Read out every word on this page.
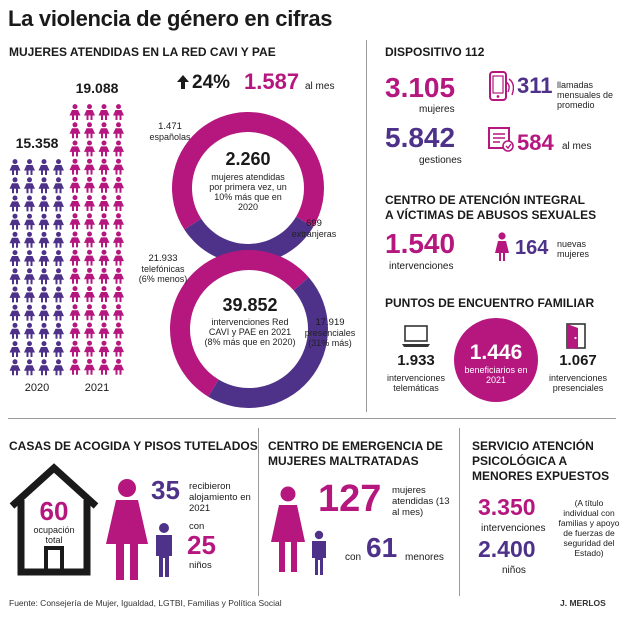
La violencia de género en cifras
MUJERES ATENDIDAS EN LA RED CAVI Y PAE
15.358
19.088
2020	2021
24% 1.587 al mes
2.260
mujeres atendidas por primera vez, un 10% más que en 2020
1.471
españolas
699
extranjeras
39.852
intervenciones Red CAVI y PAE en 2021 (8% más que en 2020)
21.933
telefónicas (6% menos)
17.919
presenciales (31% más)
DISPOSITIVO 112
3.105
mujeres
311 llamadas mensuales de promedio
5.842
gestiones
584 al mes
CENTRO DE ATENCIÓN INTEGRAL
A VÍCTIMAS DE ABUSOS SEXUALES
1.540
intervenciones
164 nuevas mujeres
PUNTOS DE ENCUENTRO FAMILIAR
1.933
intervenciones telemáticas
1.446
beneficiarios en 2021
1.067
intervenciones presenciales
CASAS DE ACOGIDA Y PISOS TUTELADOS
60
ocupación total
35 recibieron alojamiento en 2021
con
25
niños
CENTRO DE EMERGENCIA DE
MUJERES MALTRATADAS
127 mujeres atendidas (13 al mes)
con 61 menores
SERVICIO ATENCIÓN
PSICOLÓGICA A
MENORES EXPUESTOS
3.350
intervenciones
2.400
niños
(A título individual con familias y apoyo de fuerzas de seguridad del Estado)
Fuente: Consejería de Mujer, Igualdad, LGTBI, Familias y Política Social	J. MERLOS
